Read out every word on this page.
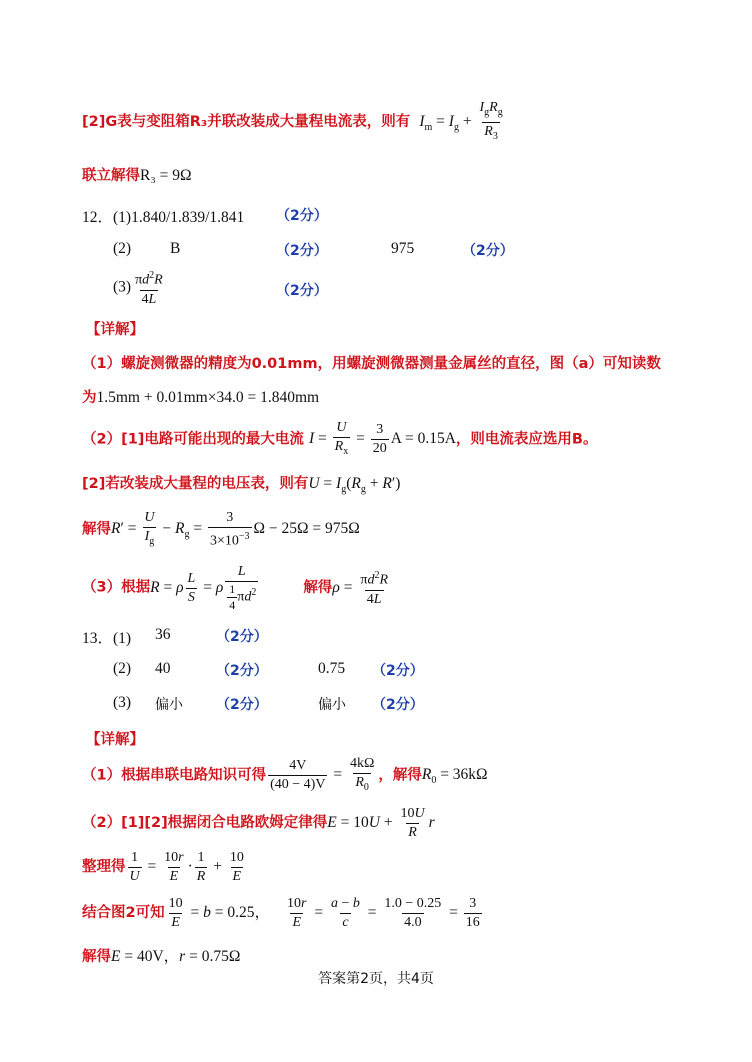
[2]G表与变阻箱R₃并联改装成大量程电流表，则有 $I_m = I_g + \frac{I_gR_g}{R_3}$
联立解得R₃ = 9Ω
12．(1)1.840/1.839/1.841 （2分）
(2)	B	（2分）	975	（2分）
$(3) \frac{\pi d^2R}{4L}$	（2分）
【详解】
（1）螺旋测微器的精度为0.01mm，用螺旋测微器测量金属丝的直径，图（a）可知读数
为1.5mm + 0.01mm×34.0 = 1.840mm
（2）[1]电路可能出现的最大电流 $I = \frac{U}{R_x} = \frac{3}{20}$ A = 0.15A，则电流表应选用B。
[2]若改装成大量程的电压表，则有$U = I_g(R_g + R')$
解得$R' = \frac{U}{I_g} - R_g = \frac{3}{3\times 10^{-3}}$ Ω − 25Ω = 975Ω
（3）根据R = ρ $\frac{L}{S} = \rho \frac{L}{\frac{1}{4} \pi d^2}$	解得$\rho = \frac{\pi d^2R}{4L}$
13．(1) 36	（2分）
(2) 40	（2分）	0.75 （2分）
(3) 偏小 （2分）	偏小 （2分）
【详解】
（1）根据串联电路知识可得 $\frac{4V}{(40 - 4)V} = \frac{4k\Omega}{R_0}$ ，解得$R_0 = 36k\Omega$
（2）[1][2]根据闭合电路欧姆定律得$E = 10U + \frac{10U}{R}$ r
整理得 $\frac{1}{U} = \frac{10r}{E} \cdot \frac{1}{R} + \frac{10}{E}$
结合图2可知 $\frac{10}{E} = b = 0.25$， $\frac{10r}{E} = \frac{a - b}{c} = \frac{1.0 - 0.25}{4.0} = \frac{3}{16}$
解得E = 40V，r = 0.75Ω
答案第2页，共4页
